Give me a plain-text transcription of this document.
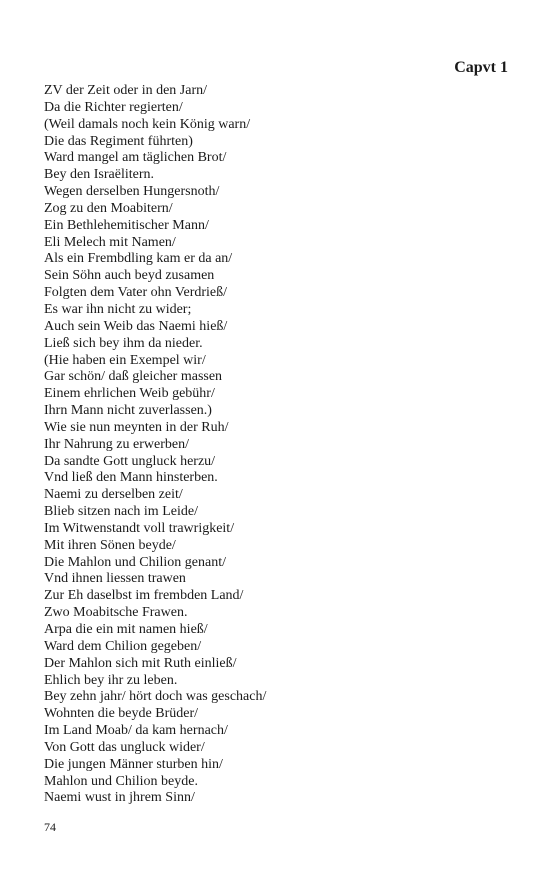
Capvt 1
ZV der Zeit oder in den Jarn/
Da die Richter regierten/
(Weil damals noch kein König warn/
Die das Regiment führten)
Ward mangel am täglichen Brot/
Bey den Israëlitern.
Wegen derselben Hungersnoth/
Zog zu den Moabitern/
Ein Bethlehemitischer Mann/
Eli Melech mit Namen/
Als ein Frembdling kam er da an/
Sein Söhn auch beyd zusamen
Folgten dem Vater ohn Verdrieß/
Es war ihn nicht zu wider;
Auch sein Weib das Naemi hieß/
Ließ sich bey ihm da nieder.
(Hie haben ein Exempel wir/
Gar schön/ daß gleicher massen
Einem ehrlichen Weib gebühr/
Ihrn Mann nicht zuverlassen.)
Wie sie nun meynten in der Ruh/
Ihr Nahrung zu erwerben/
Da sandte Gott ungluck herzu/
Vnd ließ den Mann hinsterben.
Naemi zu derselben zeit/
Blieb sitzen nach im Leide/
Im Witwenstandt voll trawrigkeit/
Mit ihren Sönen beyde/
Die Mahlon und Chilion genant/
Vnd ihnen liessen trawen
Zur Eh daselbst im frembden Land/
Zwo Moabitsche Frawen.
Arpa die ein mit namen hieß/
Ward dem Chilion gegeben/
Der Mahlon sich mit Ruth einließ/
Ehlich bey ihr zu leben.
Bey zehn jahr/ hört doch was geschach/
Wohnten die beyde Brüder/
Im Land Moab/ da kam hernach/
Von Gott das ungluck wider/
Die jungen Männer sturben hin/
Mahlon und Chilion beyde.
Naemi wust in jhrem Sinn/
74
